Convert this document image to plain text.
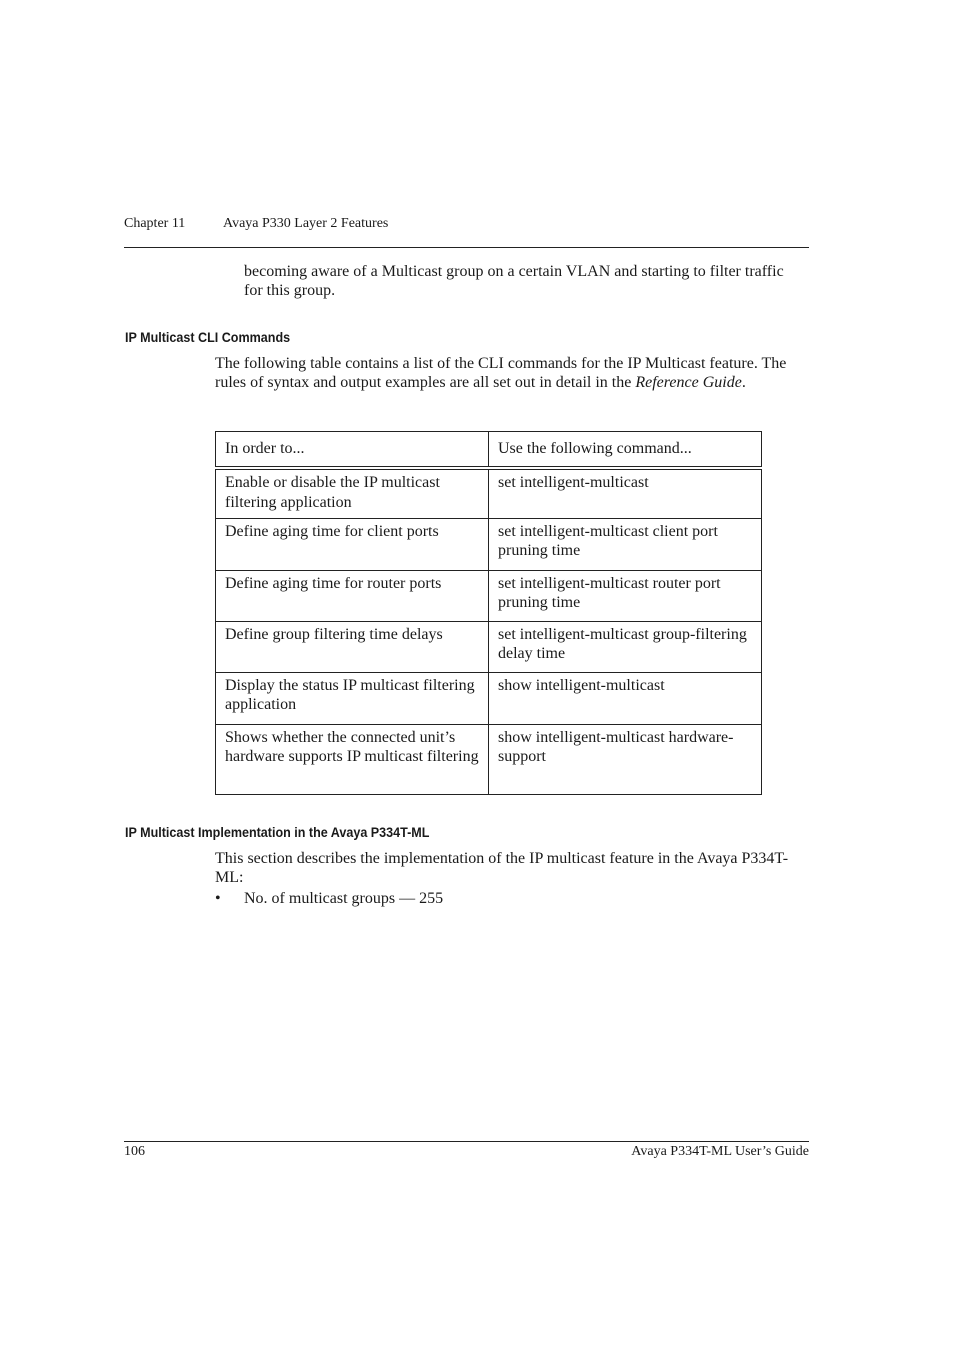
Chapter 11	Avaya P330 Layer 2 Features
becoming aware of a Multicast group on a certain VLAN and starting to filter traffic for this group.
IP Multicast CLI Commands
The following table contains a list of the CLI commands for the IP Multicast feature. The rules of syntax and output examples are all set out in detail in the Reference Guide.
In order to...	Use the following command...
Enable or disable the IP multicast filtering application	set intelligent-multicast
Define aging time for client ports	set intelligent-multicast client port pruning time
Define aging time for router ports	set intelligent-multicast router port pruning time
Define group filtering time delays	set intelligent-multicast group-filtering delay time
Display the status IP multicast filtering application	show intelligent-multicast
Shows whether the connected unit’s hardware supports IP multicast filtering	show intelligent-multicast hardware-support
IP Multicast Implementation in the Avaya P334T-ML
This section describes the implementation of the IP multicast feature in the Avaya P334T-ML:
• No. of multicast groups — 255
106	Avaya P334T-ML User’s Guide
